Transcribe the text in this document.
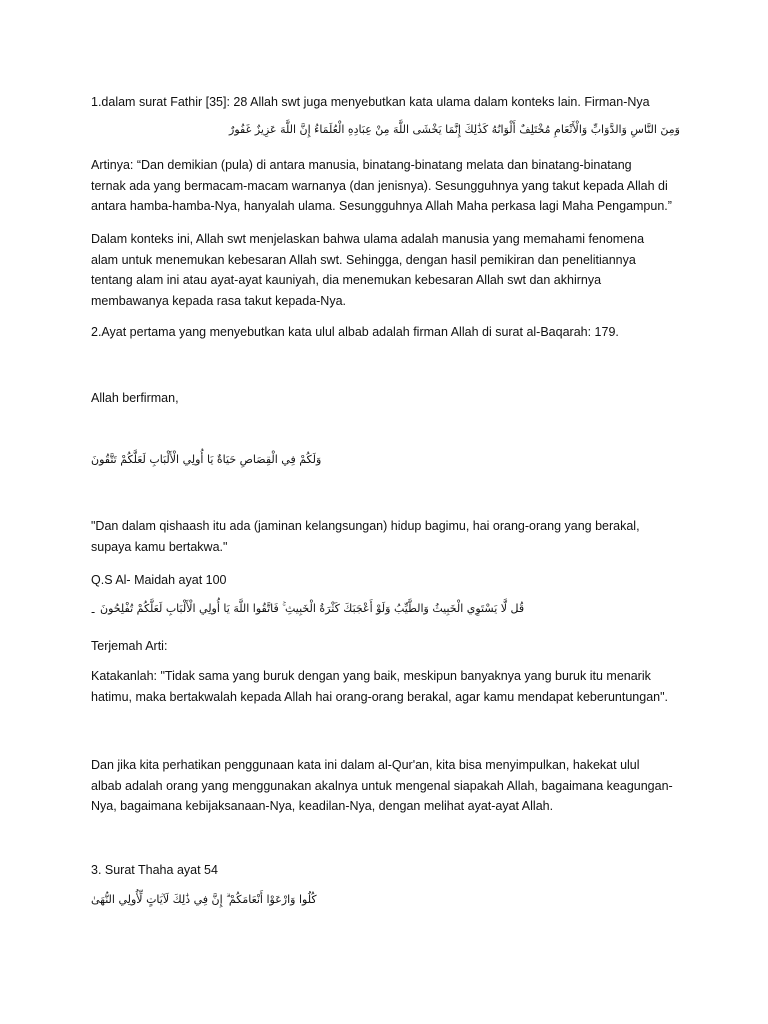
1.dalam surat Fathir [35]: 28 Allah swt juga menyebutkan kata ulama dalam konteks lain. Firman-Nya
وَمِنَ النَّاسِ وَالدَّوَابِّ وَالْأَنْعَامِ مُخْتَلِفٌ أَلْوَانُهُ كَذَٰلِكَ إِنَّمَا يَخْشَى اللَّهَ مِنْ عِبَادِهِ الْعُلَمَاءُ إِنَّ اللَّهَ عَزِيزٌ غَفُورٌ
Artinya: “Dan demikian (pula) di antara manusia, binatang-binatang melata dan binatang-binatang
ternak ada yang bermacam-macam warnanya (dan jenisnya). Sesungguhnya yang takut kepada Allah di
antara hamba-hamba-Nya, hanyalah ulama. Sesungguhnya Allah Maha perkasa lagi Maha Pengampun.”
Dalam konteks ini, Allah swt menjelaskan bahwa ulama adalah manusia yang memahami fenomena
alam untuk menemukan kebesaran Allah swt. Sehingga, dengan hasil pemikiran dan penelitiannya
tentang alam ini atau ayat-ayat kauniyah, dia menemukan kebesaran Allah swt dan akhirnya
membawanya kepada rasa takut kepada-Nya.
2.Ayat pertama yang menyebutkan kata ulul albab adalah firman Allah di surat al-Baqarah: 179.
Allah berfirman,
وَلَكُمْ فِي الْقِصَاصِ حَيَاةٌ يَا أُولِي الْأَلْبَابِ لَعَلَّكُمْ تَتَّقُونَ
"Dan dalam qishaash itu ada (jaminan kelangsungan) hidup bagimu, hai orang-orang yang berakal,
supaya kamu bertakwa."
Q.S Al- Maidah ayat 100
- قُل لَّا يَسْتَوِي الْخَبِيثُ وَالطَّيِّبُ وَلَوْ أَعْجَبَكَ كَثْرَةُ الْخَبِيثِ ۚ فَاتَّقُوا اللَّهَ يَا أُولِي الْأَلْبَابِ لَعَلَّكُمْ تُفْلِحُونَ
Terjemah Arti:
Katakanlah: "Tidak sama yang buruk dengan yang baik, meskipun banyaknya yang buruk itu menarik
hatimu, maka bertakwalah kepada Allah hai orang-orang berakal, agar kamu mendapat keberuntungan".
Dan jika kita perhatikan penggunaan kata ini dalam al-Qur'an, kita bisa menyimpulkan, hakekat ulul
albab adalah orang yang menggunakan akalnya untuk mengenal siapakah Allah, bagaimana keagungan-
Nya, bagaimana kebijaksanaan-Nya, keadilan-Nya, dengan melihat ayat-ayat Allah.
3. Surat Thaha ayat 54
كُلُوا وَارْعَوْا أَنْعَامَكُمْ ۗ إِنَّ فِي ذَٰلِكَ لَآيَاتٍ لِّأُولِي النُّهَىٰ
